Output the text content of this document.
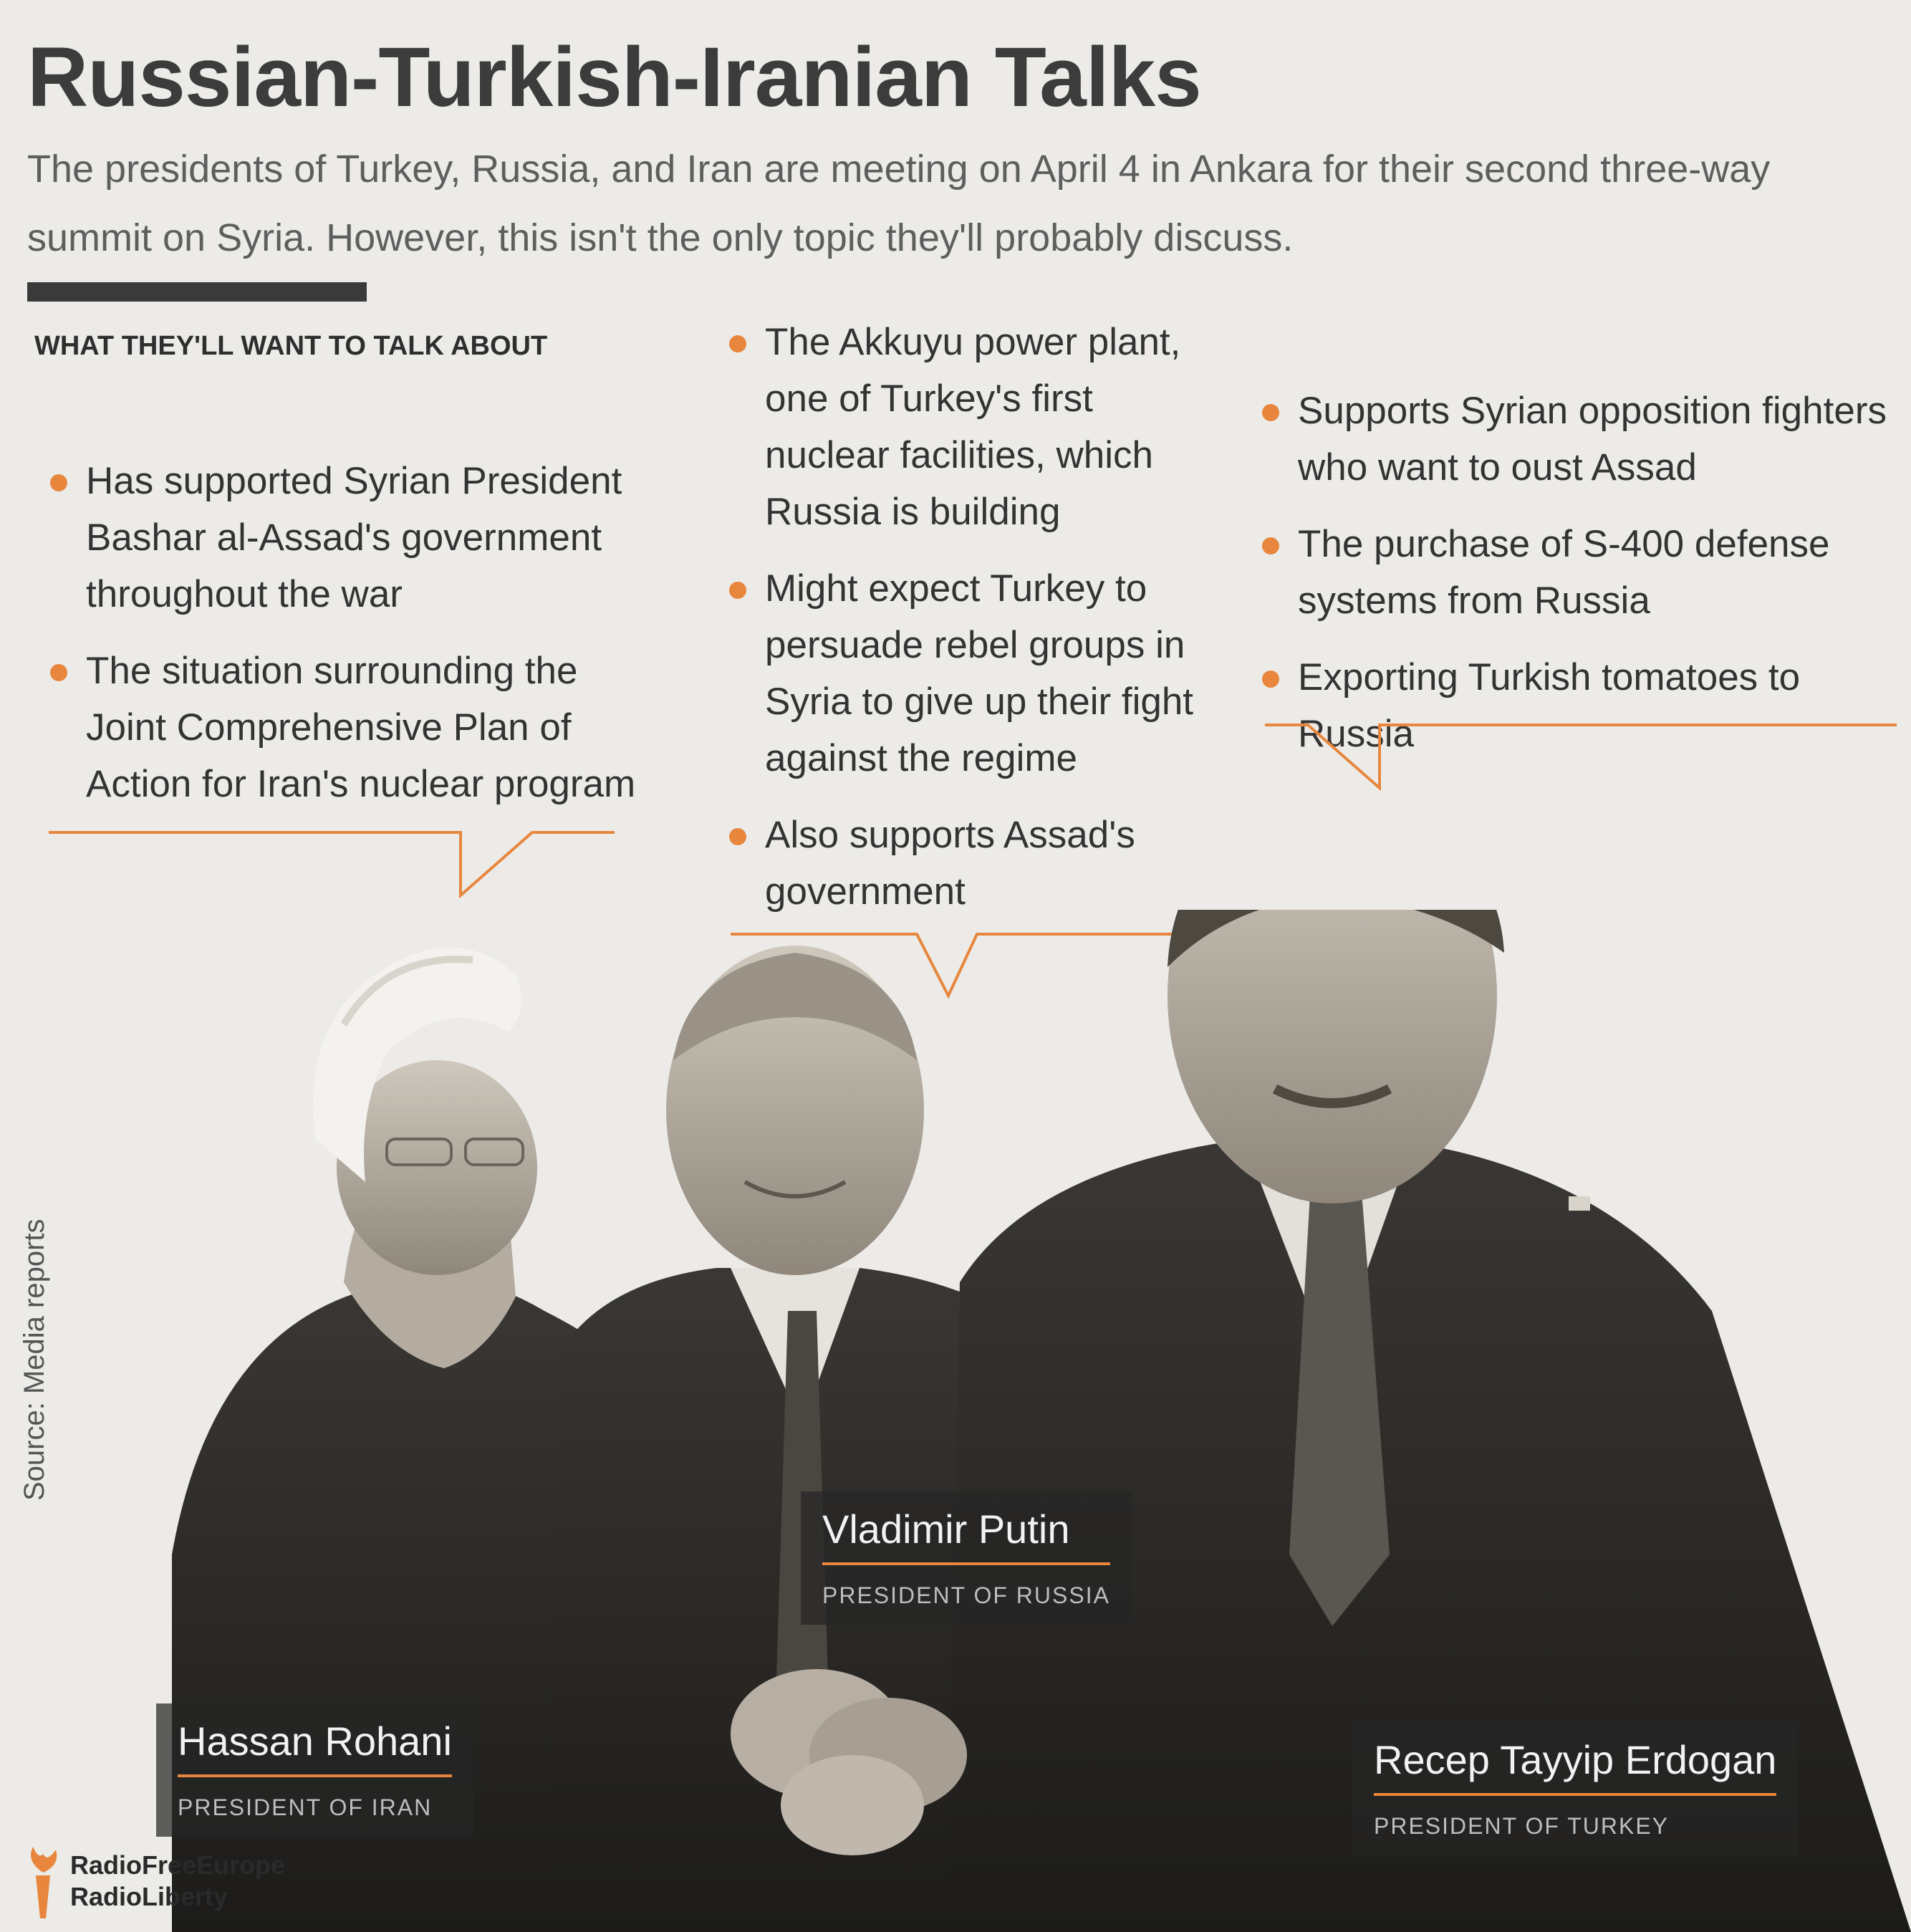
Russian-Turkish-Iranian Talks
The presidents of Turkey, Russia, and Iran are meeting on April 4 in Ankara for their second three-way summit on Syria. However, this isn't the only topic they'll probably discuss.
WHAT THEY'LL WANT TO TALK ABOUT
Has supported Syrian President Bashar al-Assad's government throughout the war
The situation surrounding the Joint Comprehensive Plan of Action for Iran's nuclear program
The Akkuyu power plant, one of Turkey's first nuclear facilities, which Russia is building
Might expect Turkey to persuade rebel groups in Syria to give up their fight against the regime
Also supports Assad's government
Supports Syrian opposition fighters who want to oust Assad
The purchase of S-400 defense systems from Russia
Exporting Turkish tomatoes to Russia
Hassan Rohani
PRESIDENT OF IRAN
Vladimir Putin
PRESIDENT OF RUSSIA
Recep Tayyip Erdogan
PRESIDENT OF TURKEY
Source: Media reports
RadioFreeEurope
RadioLiberty
